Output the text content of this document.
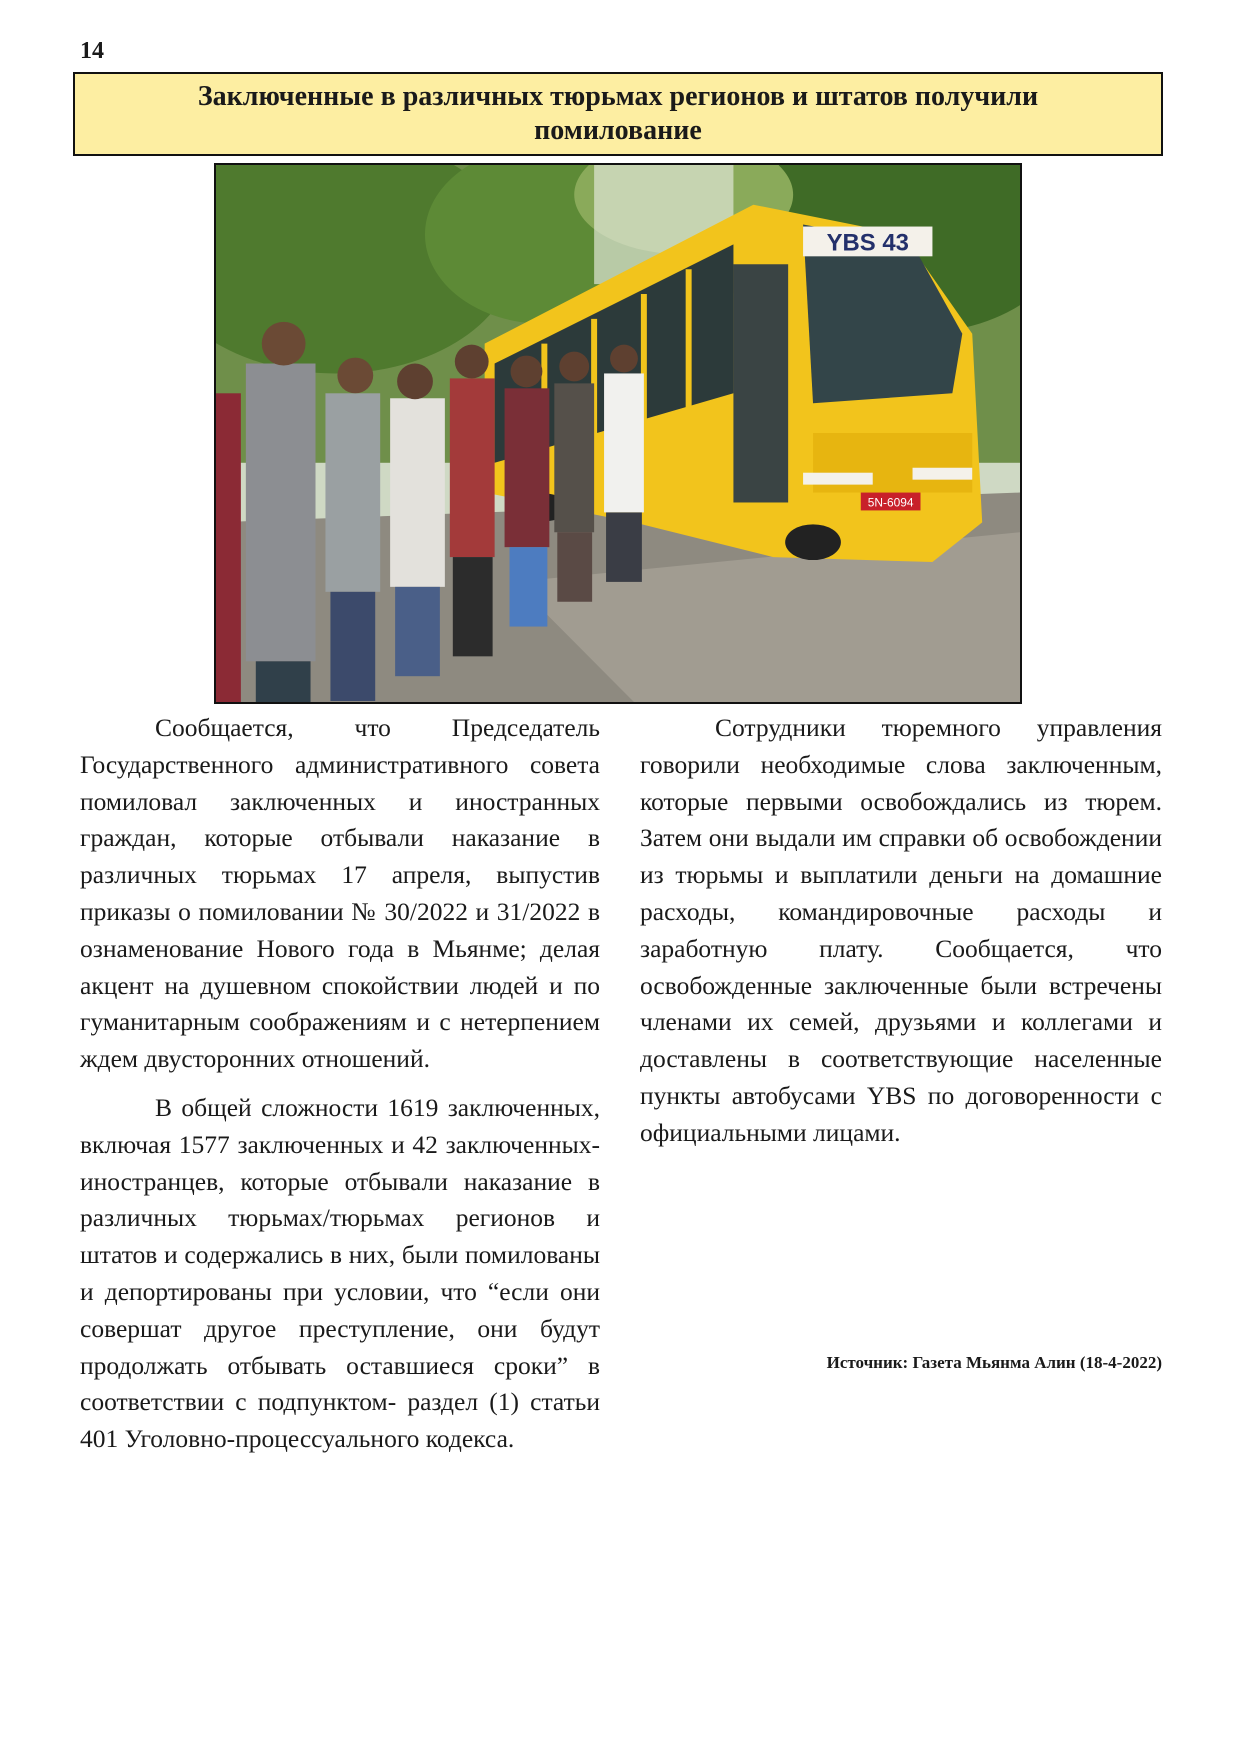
14
Заключенные в различных тюрьмах регионов и штатов получили помилование
YBS 43
5N-6094

Сообщается, что Председатель Государственного административного совета помиловал заключенных и иностранных граждан, которые отбывали наказание в различных тюрьмах 17 апреля, выпустив приказы о помиловании № 30/2022 и 31/2022 в ознаменование Нового года в Мьянме; делая акцент на душевном спокойствии людей и по гуманитарным соображениям и с нетерпением ждем двусторонних отношений.

В общей сложности 1619 заключенных, включая 1577 заключенных и 42 заключенных-иностранцев, которые отбывали наказание в различных тюрьмах/тюрьмах регионов и штатов и содержались в них, были помилованы и депортированы при условии, что “если они совершат другое преступление, они будут продолжать отбывать оставшиеся сроки” в соответствии с подпунктом- раздел (1) статьи 401 Уголовно-процессуального кодекса.

Сотрудники тюремного управления говорили необходимые слова заключенным, которые первыми освобождались из тюрем. Затем они выдали им справки об освобождении из тюрьмы и выплатили деньги на домашние расходы, командировочные расходы и заработную плату. Сообщается, что освобожденные заключенные были встречены членами их семей, друзьями и коллегами и доставлены в соответствующие населенные пункты автобусами YBS по договоренности с официальными лицами.

Источник: Газета Мьянма Алин (18-4-2022)
